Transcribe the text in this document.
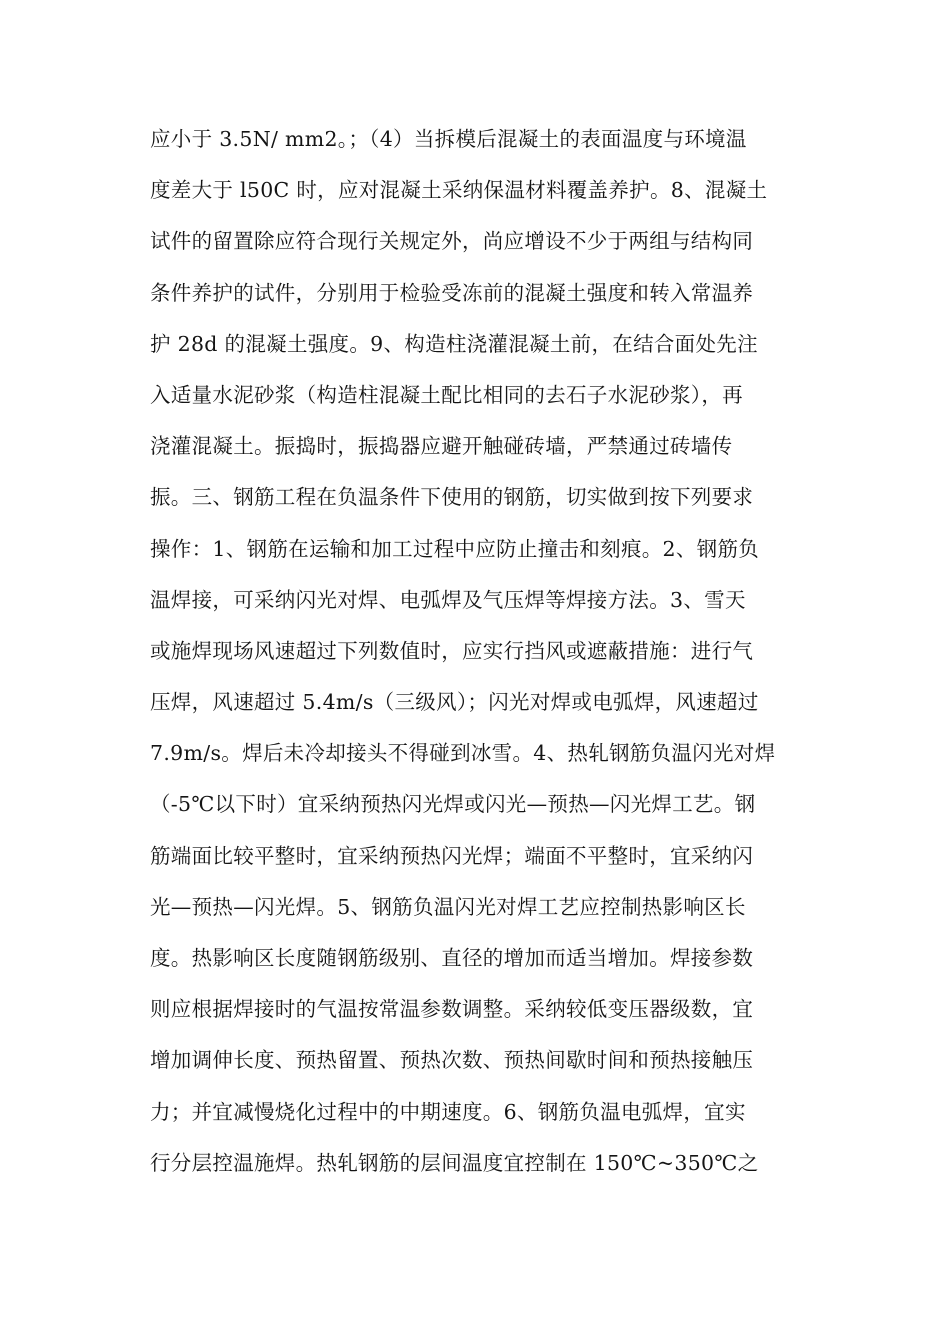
应小于 3.5N/ mm2。；（4）当拆模后混凝土的表面温度与环境温
度差大于 l50C 时，应对混凝土采纳保温材料覆盖养护。8、混凝土
试件的留置除应符合现行关规定外，尚应增设不少于两组与结构同
条件养护的试件，分别用于检验受冻前的混凝土强度和转入常温养
护 28d 的混凝土强度。9、构造柱浇灌混凝土前，在结合面处先注
入适量水泥砂浆（构造柱混凝土配比相同的去石子水泥砂浆），再
浇灌混凝土。振捣时，振捣器应避开触碰砖墙，严禁通过砖墙传
振。三、钢筋工程在负温条件下使用的钢筋，切实做到按下列要求
操作：1、钢筋在运输和加工过程中应防止撞击和刻痕。2、钢筋负
温焊接，可采纳闪光对焊、电弧焊及气压焊等焊接方法。3、雪天
或施焊现场风速超过下列数值时，应实行挡风或遮蔽措施：进行气
压焊，风速超过 5.4m/s（三级风）；闪光对焊或电弧焊，风速超过
7.9m/s。焊后未冷却接头不得碰到冰雪。4、热轧钢筋负温闪光对焊
（-5℃以下时）宜采纳预热闪光焊或闪光—预热—闪光焊工艺。钢
筋端面比较平整时，宜采纳预热闪光焊；端面不平整时，宜采纳闪
光—预热—闪光焊。5、钢筋负温闪光对焊工艺应控制热影响区长
度。热影响区长度随钢筋级别、直径的增加而适当增加。焊接参数
则应根据焊接时的气温按常温参数调整。采纳较低变压器级数，宜
增加调伸长度、预热留置、预热次数、预热间歇时间和预热接触压
力；并宜减慢烧化过程中的中期速度。6、钢筋负温电弧焊，宜实
行分层控温施焊。热轧钢筋的层间温度宜控制在 150℃~350℃之
